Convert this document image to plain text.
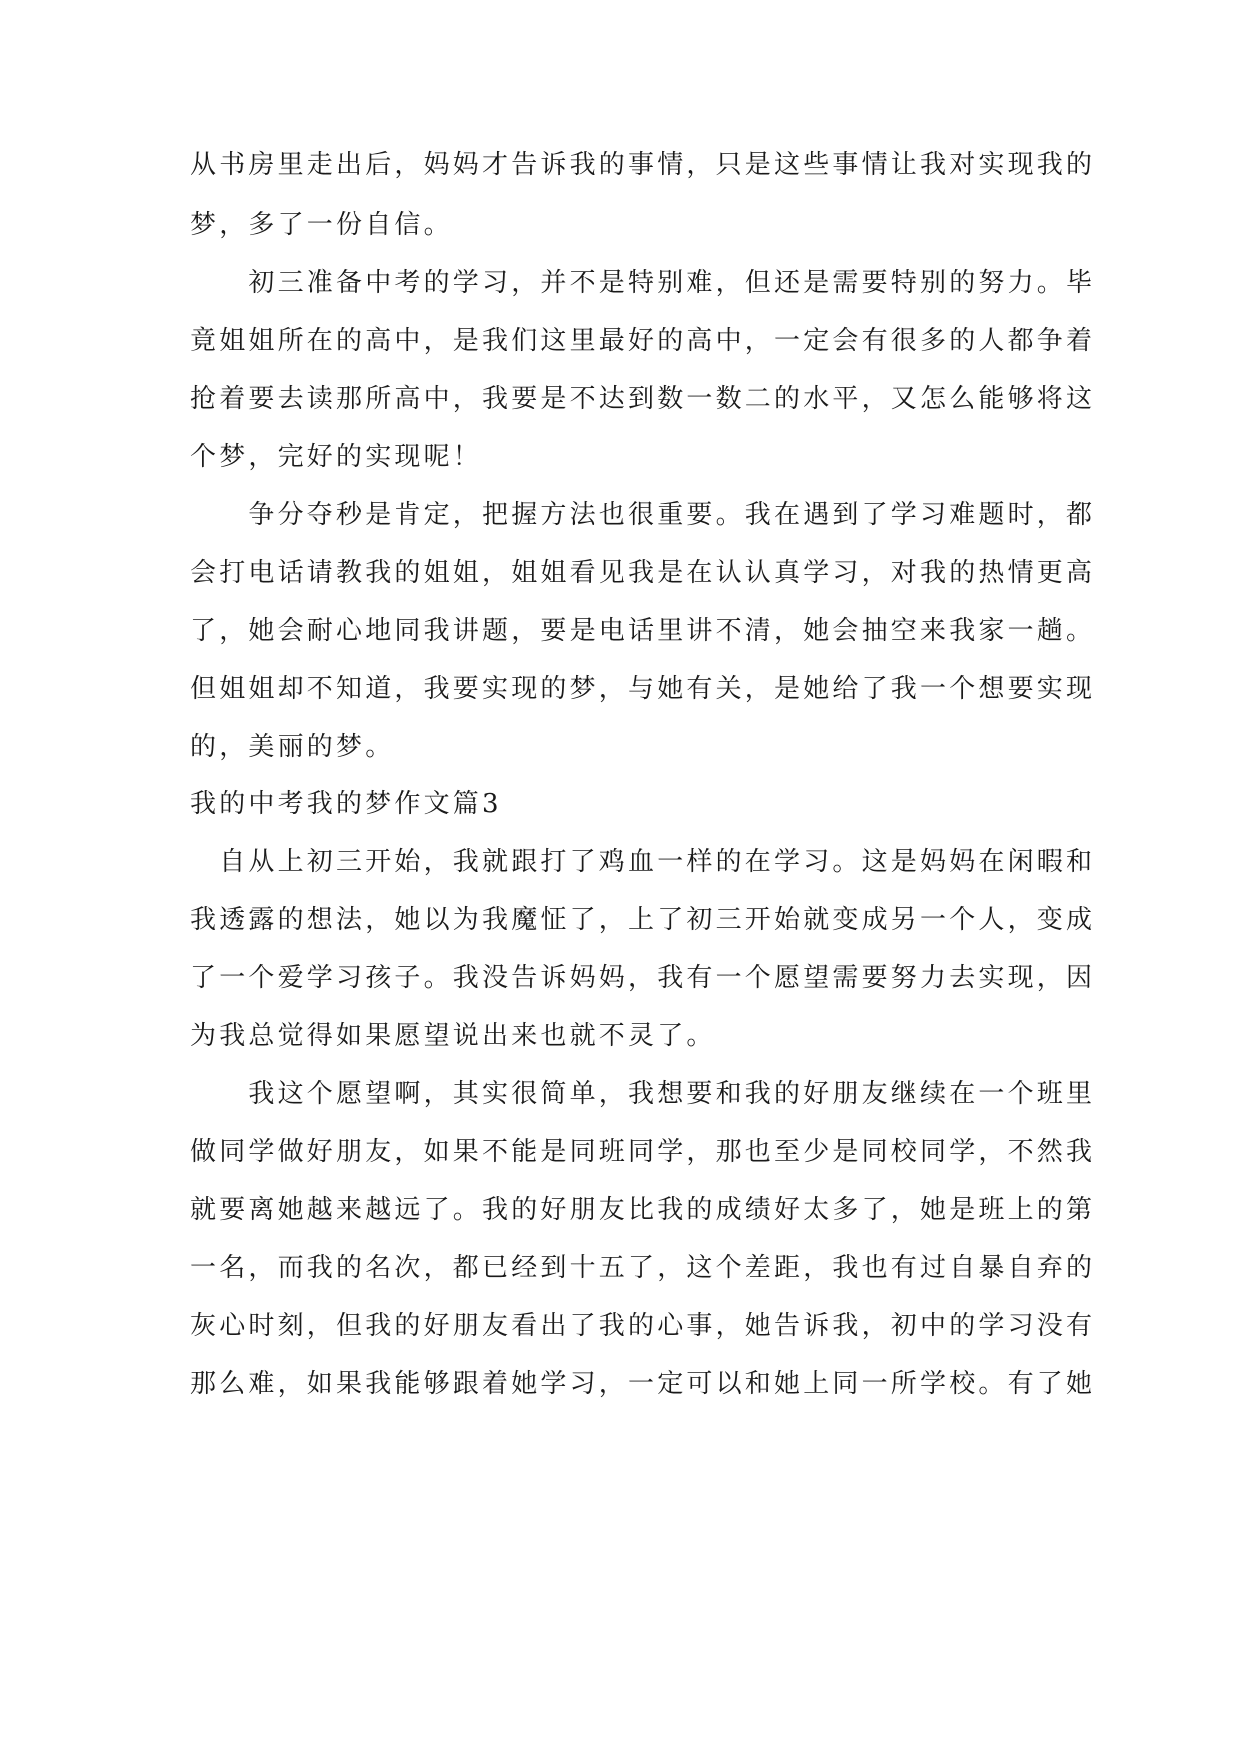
从书房里走出后，妈妈才告诉我的事情，只是这些事情让我对实现我的
梦，多了一份自信。
　　初三准备中考的学习，并不是特别难，但还是需要特别的努力。毕
竟姐姐所在的高中，是我们这里最好的高中，一定会有很多的人都争着
抢着要去读那所高中，我要是不达到数一数二的水平，又怎么能够将这
个梦，完好的实现呢！
　　争分夺秒是肯定，把握方法也很重要。我在遇到了学习难题时，都
会打电话请教我的姐姐，姐姐看见我是在认认真学习，对我的热情更高
了，她会耐心地同我讲题，要是电话里讲不清，她会抽空来我家一趟。
但姐姐却不知道，我要实现的梦，与她有关，是她给了我一个想要实现
的，美丽的梦。
我的中考我的梦作文篇3
　自从上初三开始，我就跟打了鸡血一样的在学习。这是妈妈在闲暇和
我透露的想法，她以为我魔怔了，上了初三开始就变成另一个人，变成
了一个爱学习孩子。我没告诉妈妈，我有一个愿望需要努力去实现，因
为我总觉得如果愿望说出来也就不灵了。
　　我这个愿望啊，其实很简单，我想要和我的好朋友继续在一个班里
做同学做好朋友，如果不能是同班同学，那也至少是同校同学，不然我
就要离她越来越远了。我的好朋友比我的成绩好太多了，她是班上的第
一名，而我的名次，都已经到十五了，这个差距，我也有过自暴自弃的
灰心时刻，但我的好朋友看出了我的心事，她告诉我，初中的学习没有
那么难，如果我能够跟着她学习，一定可以和她上同一所学校。有了她
